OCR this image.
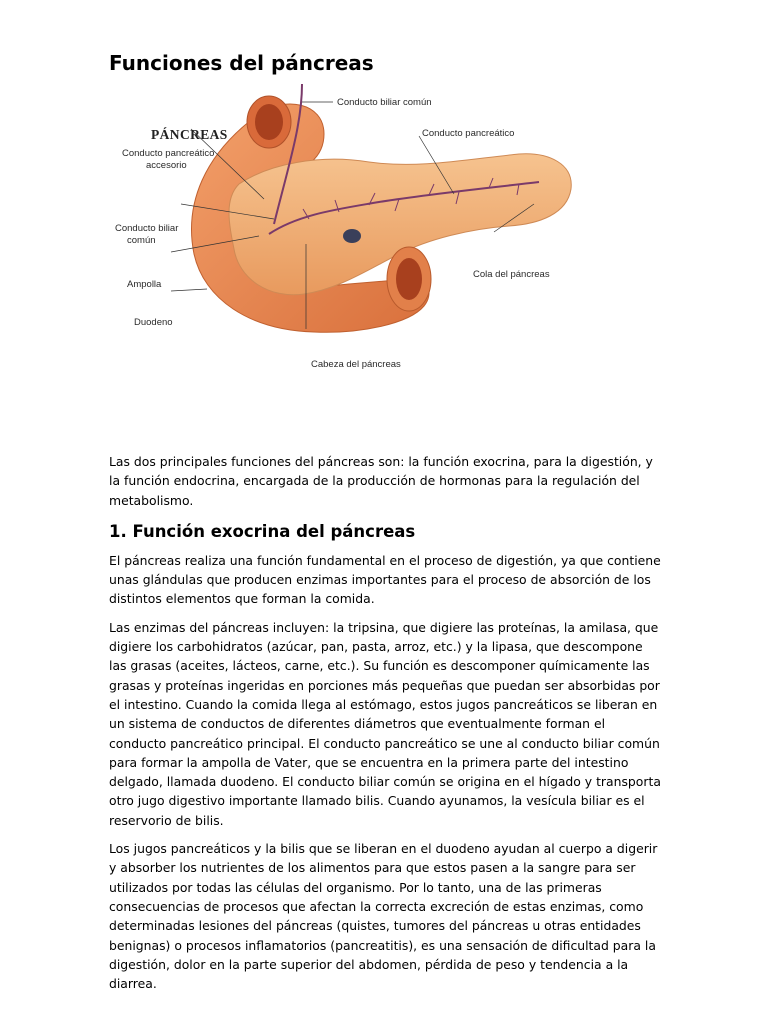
Funciones del páncreas
PÁNCREAS
Conducto biliar común
Conducto pancreático
Conducto pancreático
accesorio
Conducto biliar
común
Ampolla
Duodeno
Cola del páncreas
Cabeza del páncreas

Las dos principales funciones del páncreas son: la función exocrina, para la digestión, y la función endocrina, encargada de la producción de hormonas para la regulación del metabolismo.

1. Función exocrina del páncreas

El páncreas realiza una función fundamental en el proceso de digestión, ya que contiene unas glándulas que producen enzimas importantes para el proceso de absorción de los distintos elementos que forman la comida.

Las enzimas del páncreas incluyen: la tripsina, que digiere las proteínas, la amilasa, que digiere los carbohidratos (azúcar, pan, pasta, arroz, etc.) y la lipasa, que descompone las grasas (aceites, lácteos, carne, etc.). Su función es descomponer químicamente las grasas y proteínas ingeridas en porciones más pequeñas que puedan ser absorbidas por el intestino. Cuando la comida llega al estómago, estos jugos pancreáticos se liberan en un sistema de conductos de diferentes diámetros que eventualmente forman el conducto pancreático principal. El conducto pancreático se une al conducto biliar común para formar la ampolla de Vater, que se encuentra en la primera parte del intestino delgado, llamada duodeno. El conducto biliar común se origina en el hígado y transporta otro jugo digestivo importante llamado bilis. Cuando ayunamos, la vesícula biliar es el reservorio de bilis.

Los jugos pancreáticos y la bilis que se liberan en el duodeno ayudan al cuerpo a digerir y absorber los nutrientes de los alimentos para que estos pasen a la sangre para ser utilizados por todas las células del organismo. Por lo tanto, una de las primeras consecuencias de procesos que afectan la correcta excreción de estas enzimas, como determinadas lesiones del páncreas (quistes, tumores del páncreas u otras entidades benignas) o procesos inflamatorios (pancreatitis), es una sensación de dificultad para la digestión, dolor en la parte superior del abdomen, pérdida de peso y tendencia a la diarrea.
